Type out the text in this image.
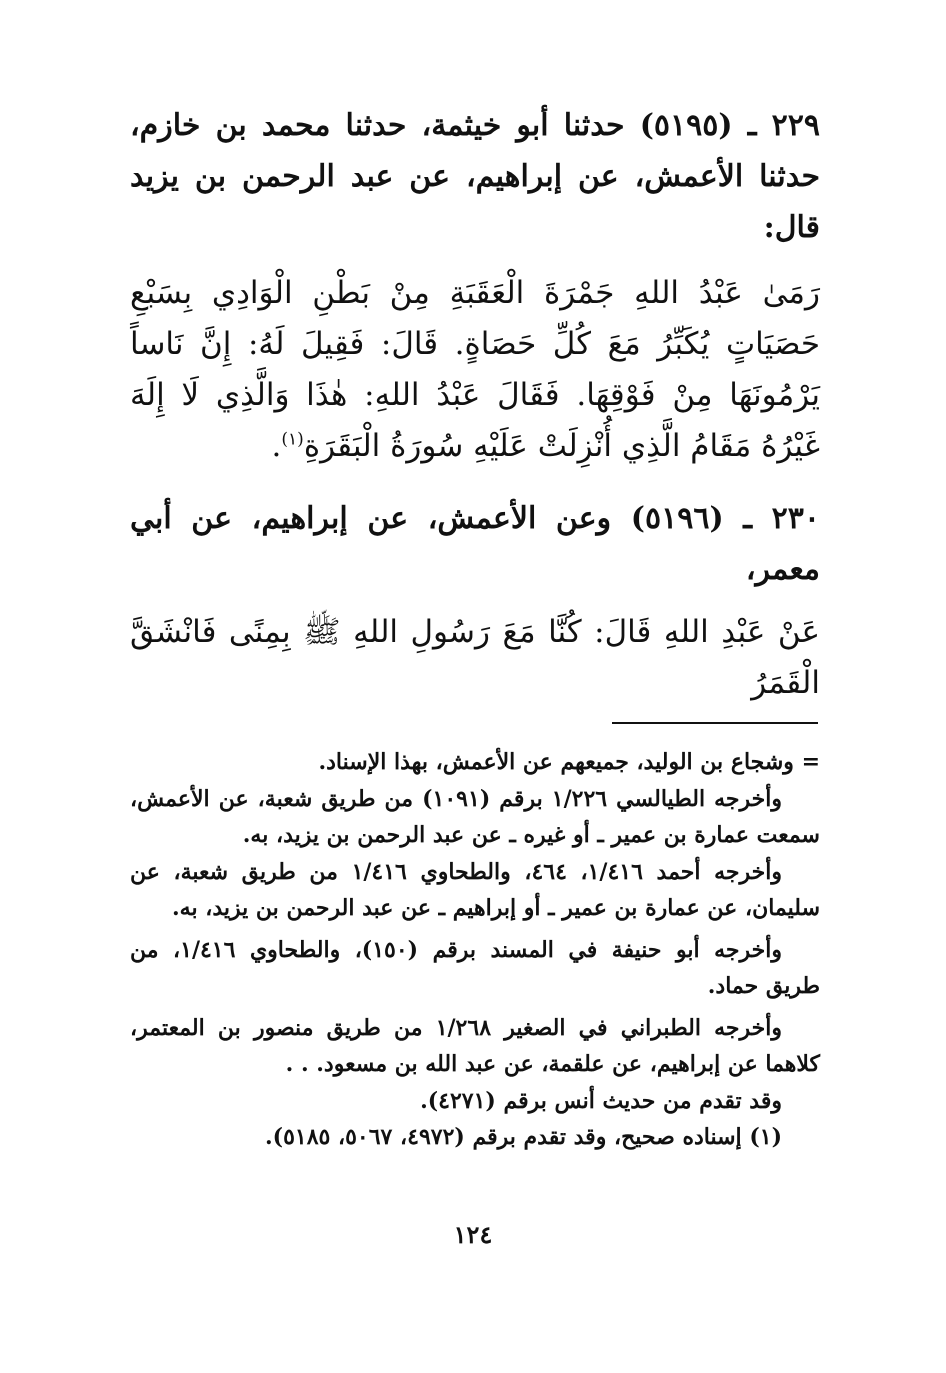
٢٢٩ ـ (٥١٩٥) حدثنا أبو خيثمة، حدثنا محمد بن خازم، حدثنا الأعمش، عن إبراهيم، عن عبد الرحمن بن يزيد قال:
رَمَىٰ عَبْدُ اللهِ جَمْرَةَ الْعَقَبَةِ مِنْ بَطْنِ الْوَادِي بِسَبْعِ حَصَيَاتٍ يُكَبِّرُ مَعَ كُلِّ حَصَاةٍ. قَالَ: فَقِيلَ لَهُ: إِنَّ نَاساً يَرْمُونَهَا مِنْ فَوْقِهَا. فَقَالَ عَبْدُ اللهِ: هٰذَا وَالَّذِي لَا إِلَهَ غَيْرُهُ مَقَامُ الَّذِي أُنْزِلَتْ عَلَيْهِ سُورَةُ الْبَقَرَةِ$^{(١)}$.
٢٣٠ ـ (٥١٩٦) وعن الأعمش، عن إبراهيم، عن أبي معمر،
عَنْ عَبْدِ اللهِ قَالَ: كُنَّا مَعَ رَسُولِ اللهِ ﷺ بِمِنًى فَانْشَقَّ الْقَمَرُ

= وشجاع بن الوليد، جميعهم عن الأعمش، بهذا الإسناد.

وأخرجه الطيالسي ١/٢٢٦ برقم (١٠٩١) من طريق شعبة، عن الأعمش، سمعت عمارة بن عمير ـ أو غيره ـ عن عبد الرحمن بن يزيد، به.

وأخرجه أحمد ١/٤١٦، ٤٦٤، والطحاوي ١/٤١٦ من طريق شعبة، عن سليمان، عن عمارة بن عمير ـ أو إبراهيم ـ عن عبد الرحمن بن يزيد، به.

وأخرجه أبو حنيفة في المسند برقم (١٥٠)، والطحاوي ١/٤١٦، من طريق حماد.

وأخرجه الطبراني في الصغير ١/٢٦٨ من طريق منصور بن المعتمر، كلاهما عن إبراهيم، عن علقمة، عن عبد الله بن مسعود. . .

وقد تقدم من حديث أنس برقم (٤٢٧١).

(١) إسناده صحيح، وقد تقدم برقم (٤٩٧٢، ٥٠٦٧، ٥١٨٥).

١٢٤
